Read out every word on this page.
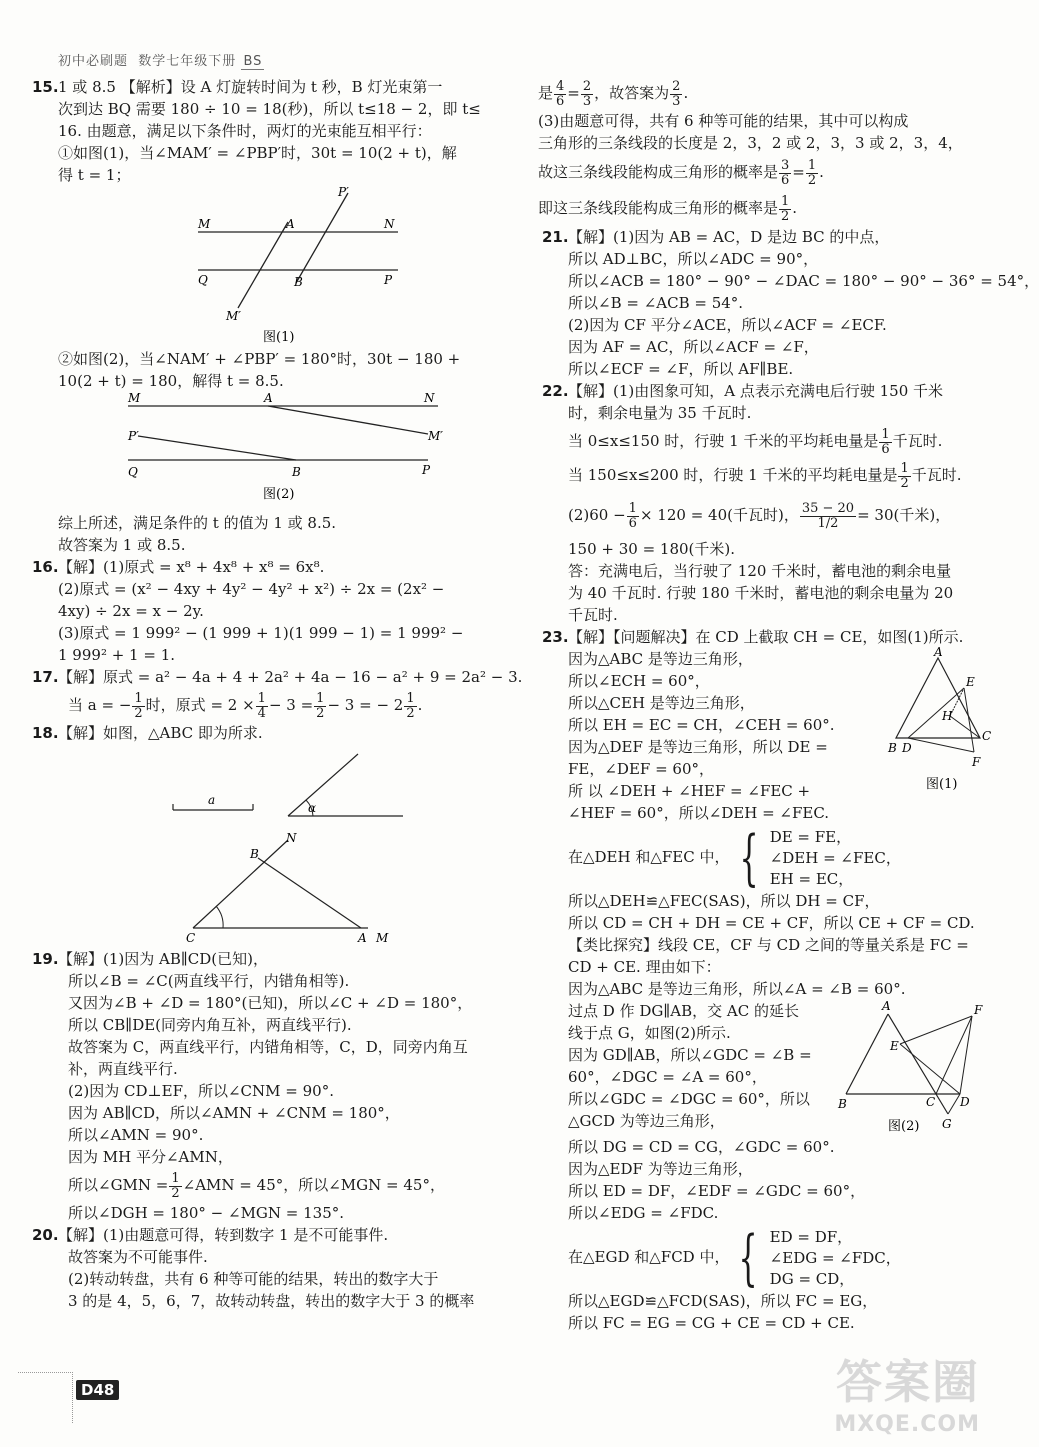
初中必刷题 数学七年级下册 BS
15.1 或 8.5 【解析】设 A 灯旋转时间为 t 秒，B 灯光束第一
次到达 BQ 需要 180 ÷ 10 = 18(秒)，所以 t≤18 − 2，即 t≤
16. 由题意，满足以下条件时，两灯的光束能互相平行：
①如图(1)，当∠MAM′ = ∠PBP′时，30t = 10(2 + t)，解
得 t = 1；
M	A	N
Q	B	P
P′
M′
图(1)
②如图(2)，当∠NAM′ + ∠PBP′ = 180°时，30t − 180 +
10(2 + t) = 180，解得 t = 8.5.
M	A	N
P′	M′
Q	B	P
图(2)
综上所述，满足条件的 t 的值为 1 或 8.5.
故答案为 1 或 8.5.
16.【解】(1)原式 = x⁸ + 4x⁸ + x⁸ = 6x⁸.
(2)原式 = (x² − 4xy + 4y² − 4y² + x²) ÷ 2x = (2x² −
4xy) ÷ 2x = x − 2y.
(3)原式 = 1 999² − (1 999 + 1)(1 999 − 1) = 1 999² −
1 999² + 1 = 1.
17.【解】原式 = a² − 4a + 4 + 2a² + 4a − 16 − a² + 9 = 2a² − 3.
当 a = − $\frac{1}{2}$ 时，原式 = $2 \times \frac{1}{4} - 3 = \frac{1}{2} - 3$ = − $2 \frac{1}{2}$ .
18.【解】如图，△ABC 即为所求.
a
α
N
B
C	A M
19.【解】(1)因为 AB∥CD(已知)，
所以∠B = ∠C(两直线平行，内错角相等).
又因为∠B + ∠D = 180°(已知)，所以∠C + ∠D = 180°，
所以 CB∥DE(同旁内角互补，两直线平行).
故答案为 C，两直线平行，内错角相等，C，D，同旁内角互
补，两直线平行.
(2)因为 CD⊥EF，所以∠CNM = 90°.
因为 AB∥CD，所以∠AMN + ∠CNM = 180°，
所以∠AMN = 90°.
因为 MH 平分∠AMN，
所以∠GMN = $\frac{1}{2}$ ∠AMN = 45°，所以∠MGN = 45°，
所以∠DGH = 180° − ∠MGN = 135°.
20.【解】(1)由题意可得，转到数字 1 是不可能事件.
故答案为不可能事件.
(2)转动转盘，共有 6 种等可能的结果，转出的数字大于
3 的是 4，5，6，7，故转动转盘，转出的数字大于 3 的概率
是 $\frac{4}{6} = \frac{2}{3}$ ，故答案为 $\frac{2}{3}$ .
(3)由题意可得，共有 6 种等可能的结果，其中可以构成
三角形的三条线段的长度是 2，3，2 或 2，3，3 或 2，3，4，
故这三条线段能构成三角形的概率是 $\frac{3}{6} = \frac{1}{2}$ .
即这三条线段能构成三角形的概率是 $\frac{1}{2}$ .
21.【解】(1)因为 AB = AC，D 是边 BC 的中点，
所以 AD⊥BC，所以∠ADC = 90°，
所以∠ACB = 180° − 90° − ∠DAC = 180° − 90° − 36° = 54°，
所以∠B = ∠ACB = 54°.
(2)因为 CF 平分∠ACE，所以∠ACF = ∠ECF.
因为 AF = AC，所以∠ACF = ∠F，
所以∠ECF = ∠F，所以 AF∥BE.
22.【解】(1)由图象可知，A 点表示充满电后行驶 150 千米
时，剩余电量为 35 千瓦时.
当 0≤x≤150 时，行驶 1 千米的平均耗电量是 $\frac{1}{6}$ 千瓦时.
当 150≤x≤200 时，行驶 1 千米的平均耗电量是 $\frac{1}{2}$ 千瓦时.
$(2)60 - \frac{1}{6} \times 120 = 40$(千瓦时)， $\frac{35 - 20}{1/2} = 30$(千米)，
150 + 30 = 180(千米).
答：充满电后，当行驶了 120 千米时，蓄电池的剩余电量
为 40 千瓦时. 行驶 180 千米时，蓄电池的剩余电量为 20
千瓦时.
23.【解】【问题解决】在 CD 上截取 CH = CE，如图(1)所示.
因为△ABC 是等边三角形，
所以∠ECH = 60°，
所以△CEH 是等边三角形，
所以 EH = EC = CH，∠CEH = 60°.
因为△DEF 是等边三角形，所以 DE =
FE，∠DEF = 60°，
所 以 ∠DEH + ∠HEF = ∠FEC +
∠HEF = 60°，所以∠DEH = ∠FEC.
A
E
H
B D
C
F
图(1)
在△DEH 和△FEC 中， { DE = FE，
∠DEH = ∠FEC，
EH = EC，
所以△DEH≌△FEC(SAS)，所以 DH = CF，
所以 CD = CH + DH = CE + CF，所以 CE + CF = CD.
【类比探究】线段 CE，CF 与 CD 之间的等量关系是 FC =
CD + CE. 理由如下：
因为△ABC 是等边三角形，所以∠A = ∠B = 60°.
过点 D 作 DG∥AB，交 AC 的延长
线于点 G，如图(2)所示.
因为 GD∥AB，所以∠GDC = ∠B =
60°，∠DGC = ∠A = 60°，
所以∠GDC = ∠DGC = 60°，所以
△GCD 为等边三角形，
A	F
E
B	C D
G
图(2)
所以 DG = CD = CG，∠GDC = 60°.
因为△EDF 为等边三角形，
所以 ED = DF，∠EDF = ∠GDC = 60°，
所以∠EDG = ∠FDC.
在△EGD 和△FCD 中， { ED = DF，
∠EDG = ∠FDC，
DG = CD，
所以△EGD≌△FCD(SAS)，所以 FC = EG，
所以 FC = EG = CG + CE = CD + CE.
D48	答案圈
MXQE.COM
